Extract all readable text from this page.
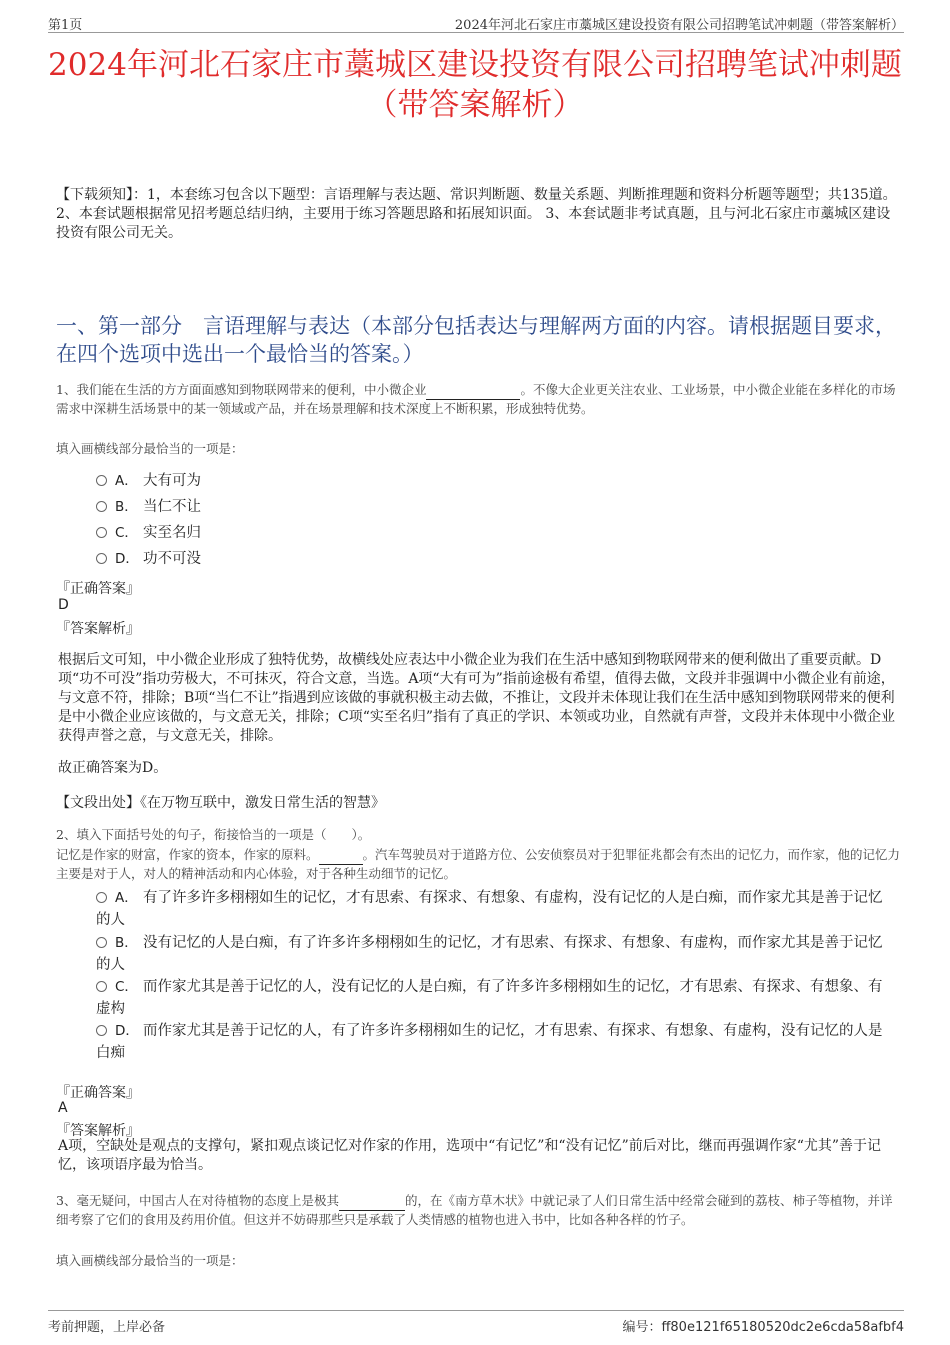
第1页	2024年河北石家庄市藁城区建设投资有限公司招聘笔试冲刺题（带答案解析）
2024年河北石家庄市藁城区建设投资有限公司招聘笔试冲刺题
（带答案解析）
【下载须知】：1，本套练习包含以下题型：言语理解与表达题、常识判断题、数量关系题、判断推理题和资料分析题等题型；共135道。 2、本套试题根据常见招考题总结归纳，主要用于练习答题思路和拓展知识面。 3、本套试题非考试真题，且与河北石家庄市藁城区建设投资有限公司无关。
一、第一部分　言语理解与表达（本部分包括表达与理解两方面的内容。请根据题目要求，在四个选项中选出一个最恰当的答案。）
1、我们能在生活的方方面面感知到物联网带来的便利，中小微企业	。不像大企业更关注农业、工业场景，中小微企业能在多样化的市场需求中深耕生活场景中的某一领域或产品，并在场景理解和技术深度上不断积累，形成独特优势。
填入画横线部分最恰当的一项是：
A． 大有可为
B． 当仁不让
C． 实至名归
D． 功不可没
『正确答案』
D
『答案解析』
根据后文可知，中小微企业形成了独特优势，故横线处应表达中小微企业为我们在生活中感知到物联网带来的便利做出了重要贡献。D项“功不可没”指功劳极大，不可抹灭，符合文意，当选。A项“大有可为”指前途极有希望，值得去做，文段并非强调中小微企业有前途，与文意不符，排除；B项“当仁不让”指遇到应该做的事就积极主动去做，不推让，文段并未体现让我们在生活中感知到物联网带来的便利是中小微企业应该做的，与文意无关，排除；C项“实至名归”指有了真正的学识、本领或功业，自然就有声誉，文段并未体现中小微企业获得声誉之意，与文意无关，排除。
故正确答案为D。
【文段出处】《在万物互联中，激发日常生活的智慧》
2、填入下面括号处的句子，衔接恰当的一项是（　　）。
记忆是作家的财富，作家的资本，作家的原料。	。汽车驾驶员对于道路方位、公安侦察员对于犯罪征兆都会有杰出的记忆力，而作家，他的记忆力主要是对于人，对人的精神活动和内心体验，对于各种生动细节的记忆。
A． 有了许多许多栩栩如生的记忆，才有思索、有探求、有想象、有虚构，没有记忆的人是白痴，而作家尤其是善于记忆的人
B． 没有记忆的人是白痴，有了许多许多栩栩如生的记忆，才有思索、有探求、有想象、有虚构，而作家尤其是善于记忆的人
C． 而作家尤其是善于记忆的人，没有记忆的人是白痴，有了许多许多栩栩如生的记忆，才有思索、有探求、有想象、有虚构
D． 而作家尤其是善于记忆的人，有了许多许多栩栩如生的记忆，才有思索、有探求、有想象、有虚构，没有记忆的人是白痴
『正确答案』
A
『答案解析』
A项，空缺处是观点的支撑句，紧扣观点谈记忆对作家的作用，选项中“有记忆”和“没有记忆”前后对比，继而再强调作家“尤其”善于记忆，该项语序最为恰当。
3、毫无疑问，中国古人在对待植物的态度上是极其	的，在《南方草木状》中就记录了人们日常生活中经常会碰到的荔枝、柿子等植物，并详细考察了它们的食用及药用价值。但这并不妨碍那些只是承载了人类情感的植物也进入书中，比如各种各样的竹子。
填入画横线部分最恰当的一项是：
考前押题，上岸必备	编号：ff80e121f65180520dc2e6cda58afbf4
